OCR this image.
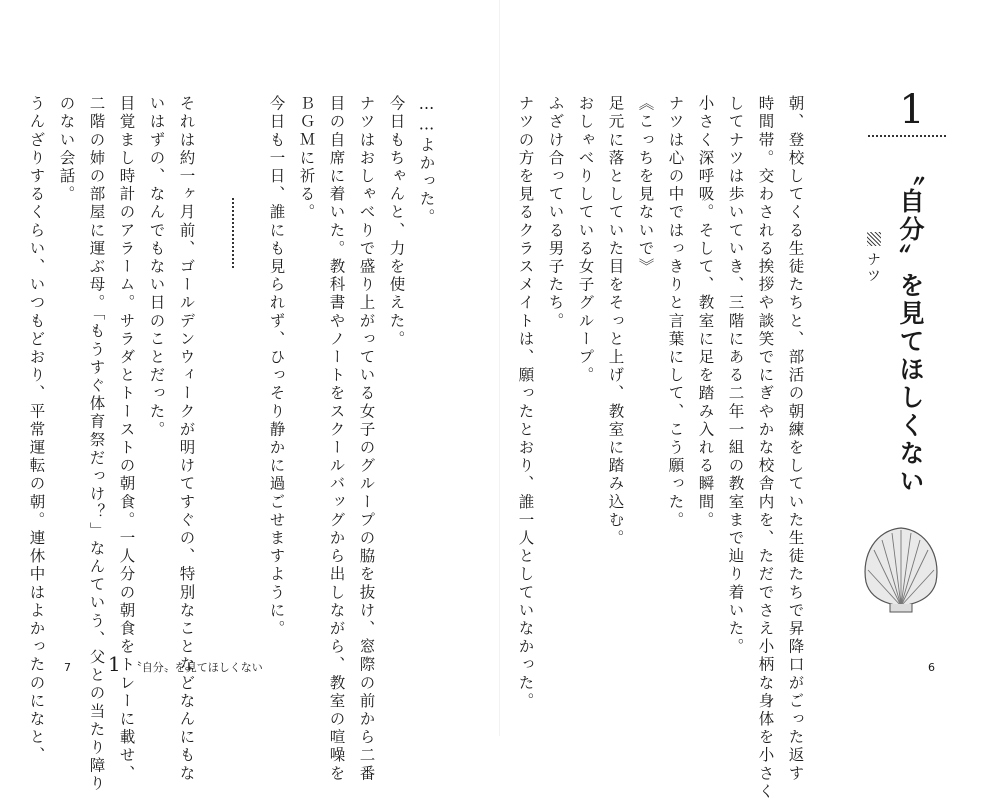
1
〝自分〟を見てほしくない
ナツ
朝、登校してくる生徒たちと、部活の朝練をしていた生徒たちで昇降口がごった返す
時間帯。交わされる挨拶や談笑でにぎやかな校舎内を、ただでさえ小柄な身体を小さく
してナツは歩いていき、三階にある二年一組の教室まで辿り着いた。
小さく深呼吸。そして、教室に足を踏み入れる瞬間。
ナツは心の中ではっきりと言葉にして、こう願った。
《こっちを見ないで》
足元に落としていた目をそっと上げ、教室に踏み込む。
おしゃべりしている女子グループ。
ふざけ合っている男子たち。
ナツの方を見るクラスメイトは、願ったとおり、誰一人としていなかった。	6
……よかった。
今日もちゃんと、力を使えた。
ナツはおしゃべりで盛り上がっている女子のグループの脇を抜け、窓際の前から二番
目の自席に着いた。教科書やノートをスクールバッグから出しながら、教室の喧噪を
ＢＧＭに祈る。
今日も一日、誰にも見られず、ひっそり静かに過ごせますように。
それは約一ヶ月前、ゴールデンウィークが明けてすぐの、特別なことなどなんにもな
いはずの、なんでもない日のことだった。
目覚まし時計のアラーム。サラダとトーストの朝食。一人分の朝食をトレーに載せ、
二階の姉の部屋に運ぶ母。「もうすぐ体育祭だっけ？」なんていう、父との当たり障り
のない会話。
うんざりするくらい、いつもどおり、平常運転の朝。連休中はよかったのになと、 7 1 〝自分〟を見てほしくない
